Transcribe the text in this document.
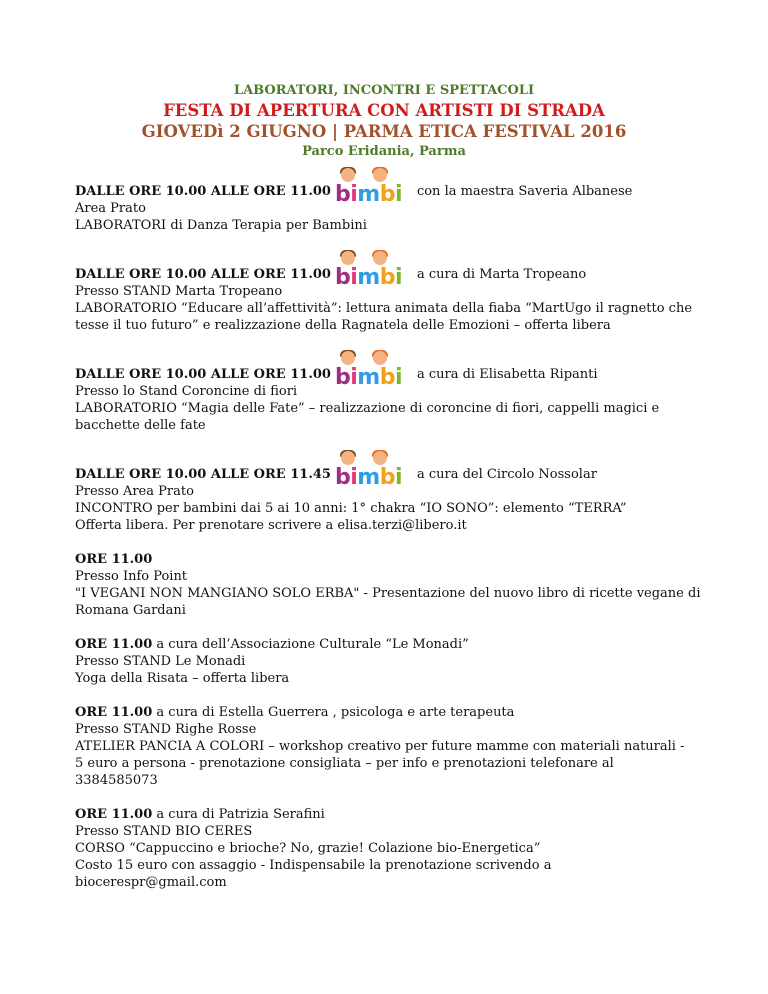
LABORATORI, INCONTRI E SPETTACOLI
FESTA DI APERTURA CON ARTISTI DI STRADA
GIOVEDì 2 GIUGNO | PARMA ETICA FESTIVAL 2016
Parco Eridania, Parma

DALLE ORE 10.00 ALLE ORE 11.00 bimbi con la maestra Saveria Albanese

Area Prato

LABORATORI di Danza Terapia per Bambini

DALLE ORE 10.00 ALLE ORE 11.00 bimbi a cura di Marta Tropeano

Presso STAND Marta Tropeano

LABORATORIO “Educare all’affettività”: lettura animata della fiaba “MartUgo il ragnetto che

tesse il tuo futuro” e realizzazione della Ragnatela delle Emozioni – offerta libera

DALLE ORE 10.00 ALLE ORE 11.00 bimbi a cura di Elisabetta Ripanti

Presso lo Stand Coroncine di fiori

LABORATORIO “Magia delle Fate” – realizzazione di coroncine di fiori, cappelli magici e

bacchette delle fate

DALLE ORE 10.00 ALLE ORE 11.45 bimbi a cura del Circolo Nossolar

Presso Area Prato

INCONTRO per bambini dai 5 ai 10 anni: 1° chakra “IO SONO”: elemento “TERRA”

Offerta libera. Per prenotare scrivere a elisa.terzi@libero.it

ORE 11.00

Presso Info Point

"I VEGANI NON MANGIANO SOLO ERBA" - Presentazione del nuovo libro di ricette vegane di

Romana Gardani

ORE 11.00 a cura dell’Associazione Culturale “Le Monadi”

Presso STAND Le Monadi

Yoga della Risata – offerta libera

ORE 11.00 a cura di Estella Guerrera , psicologa e arte terapeuta

Presso STAND Righe Rosse

ATELIER PANCIA A COLORI – workshop creativo per future mamme con materiali naturali -

5 euro a persona - prenotazione consigliata – per info e prenotazioni telefonare al

3384585073

ORE 11.00 a cura di Patrizia Serafini

Presso STAND BIO CERES

CORSO “Cappuccino e brioche? No, grazie! Colazione bio-Energetica”

Costo 15 euro con assaggio - Indispensabile la prenotazione scrivendo a

biocerespr@gmail.com
